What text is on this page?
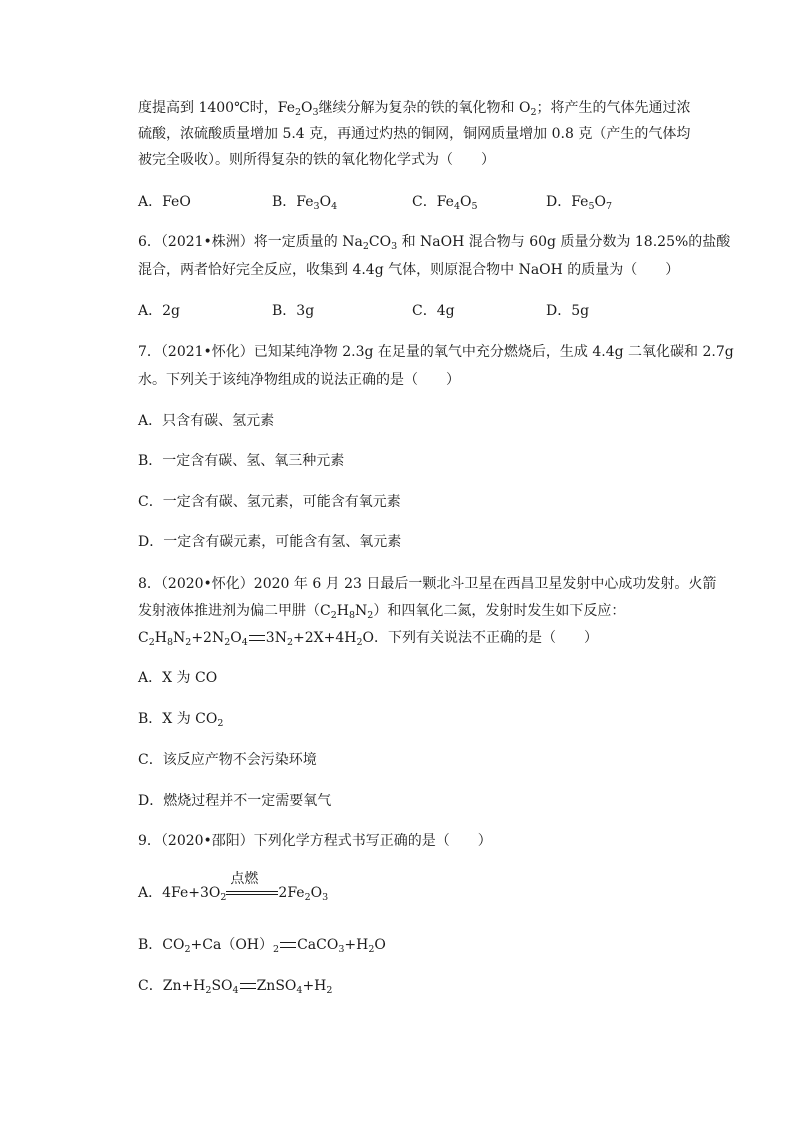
度提高到 1400℃时，$Fe_2O_3$继续分解为复杂的铁的氧化物和 $O_2$；将产生的气体先通过浓
硫酸，浓硫酸质量增加 5.4 克，再通过灼热的铜网，铜网质量增加 0.8 克（产生的气体均
被完全吸收）。则所得复杂的铁的氧化物化学式为（　　）
A．FeO	B．$Fe_3O_4$	C．$Fe_4O_5$	D．$Fe_5O_7$
6．（2021•株洲）将一定质量的 $Na_2CO_3$ 和 NaOH 混合物与 60g 质量分数为 18.25%的盐酸
混合，两者恰好完全反应，收集到 4.4g 气体，则原混合物中 NaOH 的质量为（　　）
A．2g	B．3g	C．4g	D．5g
7．（2021•怀化）已知某纯净物 2.3g 在足量的氧气中充分燃烧后，生成 4.4g 二氧化碳和 2.7g
水。下列关于该纯净物组成的说法正确的是（　　）
A．只含有碳、氢元素
B．一定含有碳、氢、氧三种元素
C．一定含有碳、氢元素，可能含有氧元素
D．一定含有碳元素，可能含有氢、氧元素
8．（2020•怀化）2020 年 6 月 23 日最后一颗北斗卫星在西昌卫星发射中心成功发射。火箭
发射液体推进剂为偏二甲肼$(C_2H_8N_2)$和四氧化二氮，发射时发生如下反应：
$C_2H_8N_2+2N_2O_4$ $3N_2+2X+4H_2O$．下列有关说法不正确的是（　　）
A．X 为 CO
B．X 为 $CO_2$
C．该反应产物不会污染环境
D．燃烧过程并不一定需要氧气
9．（2020•邵阳）下列化学方程式书写正确的是（　　）
A．$4Fe+3O_2$
点燃
$2Fe_2O_3$
B．$CO_2+Ca(OH)_2$ $CaCO_3+H_2O$
C．$Zn+H_2SO_4$ $ZnSO_4+H_2$
